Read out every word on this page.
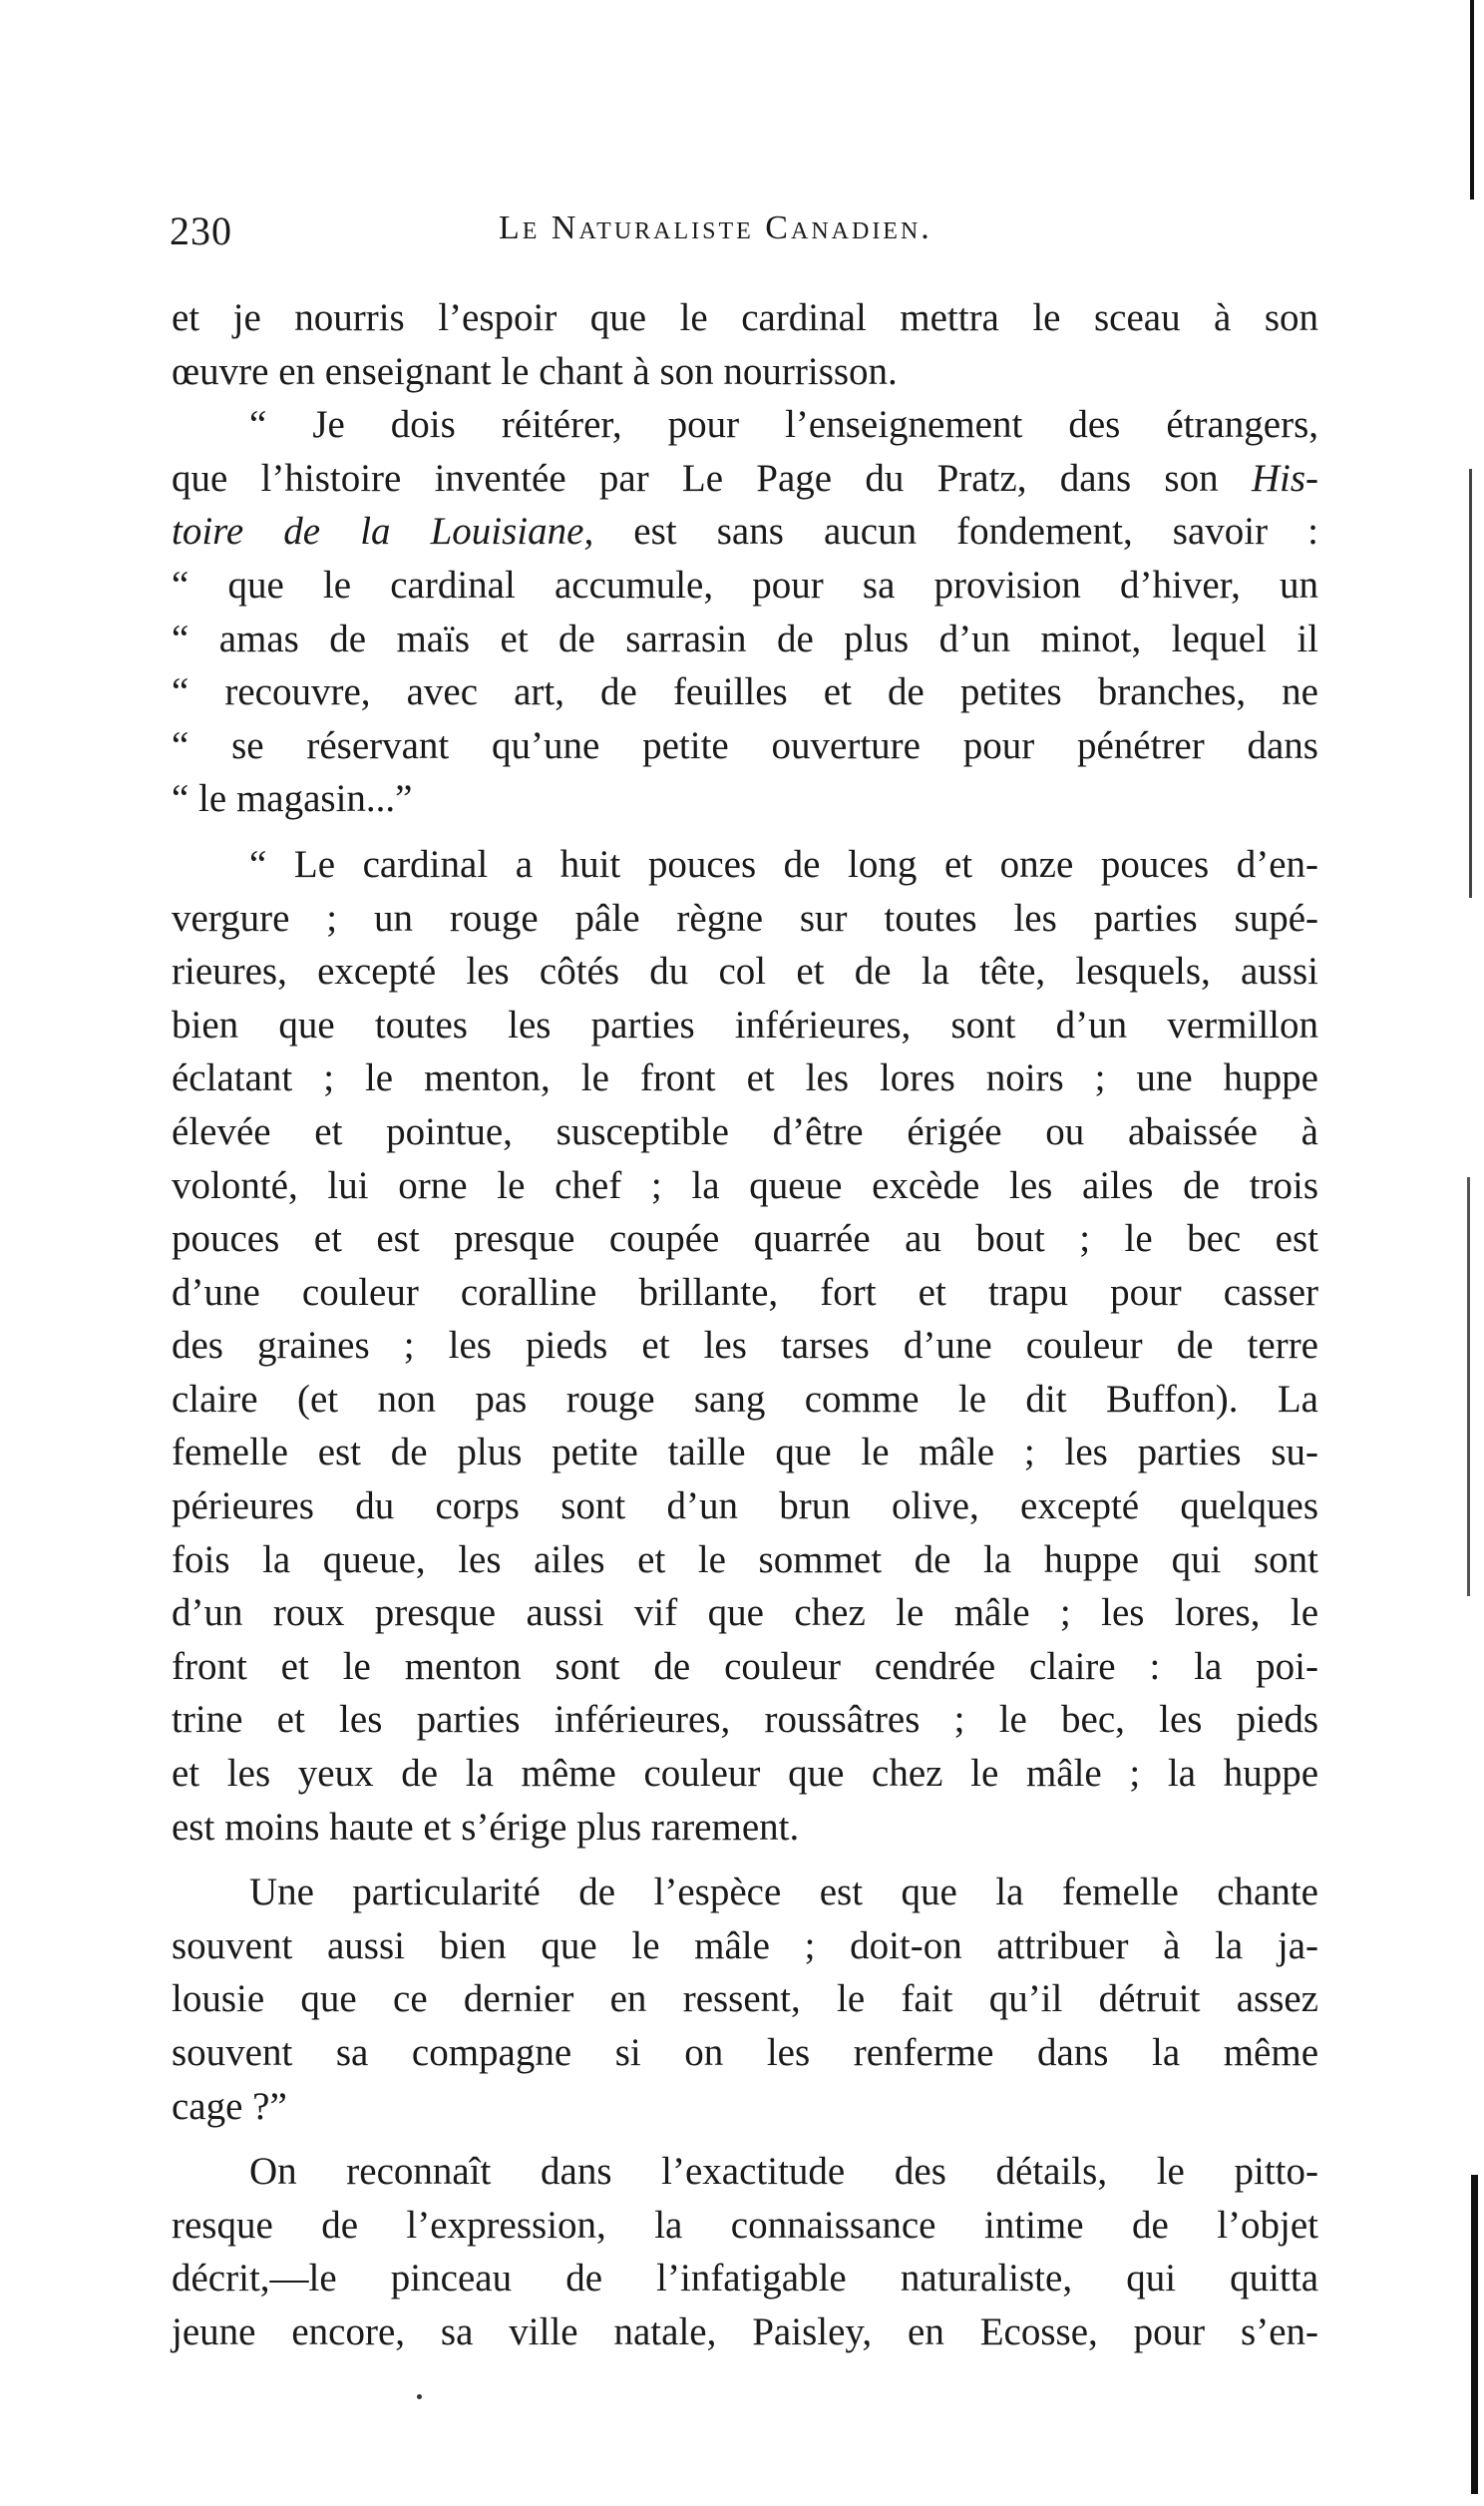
230	Le Naturaliste Canadien.
et je nourris l’espoir que le cardinal mettra le sceau à son
œuvre en enseignant le chant à son nourrisson.
“ Je dois réitérer, pour l’enseignement des étrangers,
que l’histoire inventée par Le Page du Pratz, dans son His-
toire de la Louisiane, est sans aucun fondement, savoir :
“ que le cardinal accumule, pour sa provision d’hiver, un
“ amas de maïs et de sarrasin de plus d’un minot, lequel il
“ recouvre, avec art, de feuilles et de petites branches, ne
“ se réservant qu’une petite ouverture pour pénétrer dans
“ le magasin...”
“ Le cardinal a huit pouces de long et onze pouces d’en-
vergure ; un rouge pâle règne sur toutes les parties supé-
rieures, excepté les côtés du col et de la tête, lesquels, aussi
bien que toutes les parties inférieures, sont d’un vermillon
éclatant ; le menton, le front et les lores noirs ; une huppe
élevée et pointue, susceptible d’être érigée ou abaissée à
volonté, lui orne le chef ; la queue excède les ailes de trois
pouces et est presque coupée quarrée au bout ; le bec est
d’une couleur coralline brillante, fort et trapu pour casser
des graines ; les pieds et les tarses d’une couleur de terre
claire (et non pas rouge sang comme le dit Buffon). La
femelle est de plus petite taille que le mâle ; les parties su-
périeures du corps sont d’un brun olive, excepté quelques
fois la queue, les ailes et le sommet de la huppe qui sont
d’un roux presque aussi vif que chez le mâle ; les lores, le
front et le menton sont de couleur cendrée claire : la poi-
trine et les parties inférieures, roussâtres ; le bec, les pieds
et les yeux de la même couleur que chez le mâle ; la huppe
est moins haute et s’érige plus rarement.
Une particularité de l’espèce est que la femelle chante
souvent aussi bien que le mâle ; doit-on attribuer à la ja-
lousie que ce dernier en ressent, le fait qu’il détruit assez
souvent sa compagne si on les renferme dans la même
cage ?”
On reconnaît dans l’exactitude des détails, le pitto-
resque de l’expression, la connaissance intime de l’objet
décrit,—le pinceau de l’infatigable naturaliste, qui quitta
jeune encore, sa ville natale, Paisley, en Ecosse, pour s’en-
